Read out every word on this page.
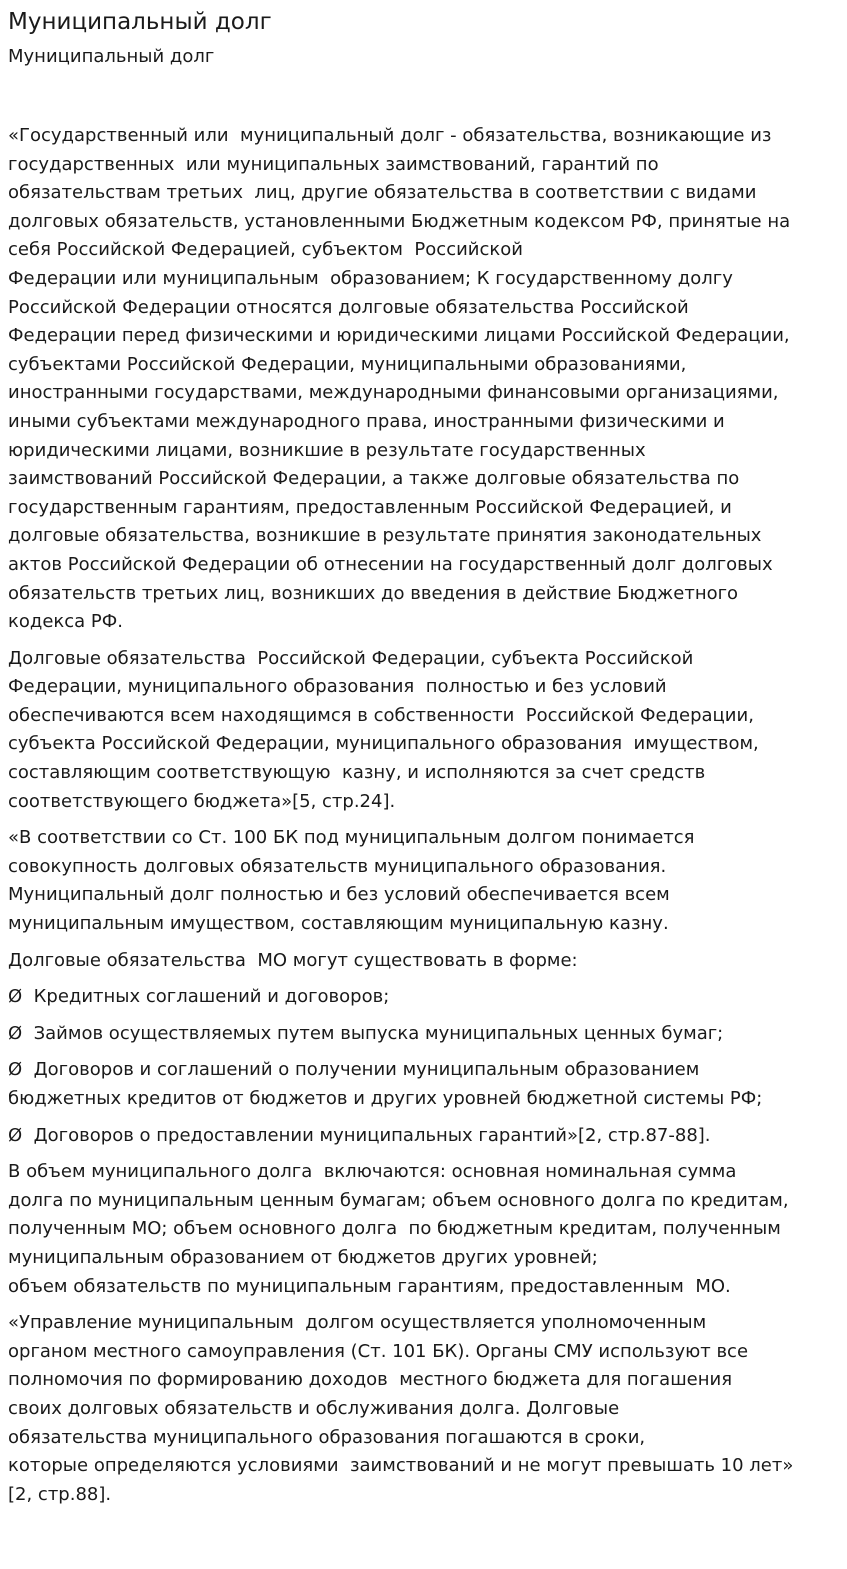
Муниципальный долг
Муниципальный долг

«Государственный или  муниципальный долг - обязательства, возникающие из
государственных  или муниципальных заимствований, гарантий по
обязательствам третьих  лиц, другие обязательства в соответствии с видами
долговых обязательств, установленными Бюджетным кодексом РФ, принятые на
себя Российской Федерацией, субъектом  Российской
Федерации или муниципальным  образованием; К государственному долгу
Российской Федерации относятся долговые обязательства Российской
Федерации перед физическими и юридическими лицами Российской Федерации,
субъектами Российской Федерации, муниципальными образованиями,
иностранными государствами, международными финансовыми организациями,
иными субъектами международного права, иностранными физическими и
юридическими лицами, возникшие в результате государственных
заимствований Российской Федерации, а также долговые обязательства по
государственным гарантиям, предоставленным Российской Федерацией, и
долговые обязательства, возникшие в результате принятия законодательных
актов Российской Федерации об отнесении на государственный долг долговых
обязательств третьих лиц, возникших до введения в действие Бюджетного
кодекса РФ.

Долговые обязательства  Российской Федерации, субъекта Российской
Федерации, муниципального образования  полностью и без условий
обеспечиваются всем находящимся в собственности  Российской Федерации,
субъекта Российской Федерации, муниципального образования  имуществом,
составляющим соответствующую  казну, и исполняются за счет средств
соответствующего бюджета»[5, стр.24].

«В соответствии со Ст. 100 БК под муниципальным долгом понимается
совокупность долговых обязательств муниципального образования.
Муниципальный долг полностью и без условий обеспечивается всем
муниципальным имуществом, составляющим муниципальную казну.

Долговые обязательства  МО могут существовать в форме:

Ø  Кредитных соглашений и договоров;

Ø  Займов осуществляемых путем выпуска муниципальных ценных бумаг;

Ø  Договоров и соглашений о получении муниципальным образованием
бюджетных кредитов от бюджетов и других уровней бюджетной системы РФ;

Ø  Договоров о предоставлении муниципальных гарантий»[2, стр.87-88].

В объем муниципального долга  включаются: основная номинальная сумма
долга по муниципальным ценным бумагам; объем основного долга по кредитам,
полученным МО; объем основного долга  по бюджетным кредитам, полученным
муниципальным образованием от бюджетов других уровней;
объем обязательств по муниципальным гарантиям, предоставленным  МО.

«Управление муниципальным  долгом осуществляется уполномоченным
органом местного самоуправления (Ст. 101 БК). Органы СМУ используют все
полномочия по формированию доходов  местного бюджета для погашения
своих долговых обязательств и обслуживания долга. Долговые
обязательства муниципального образования погашаются в сроки,
которые определяются условиями  заимствований и не могут превышать 10 лет»
[2, стр.88].
